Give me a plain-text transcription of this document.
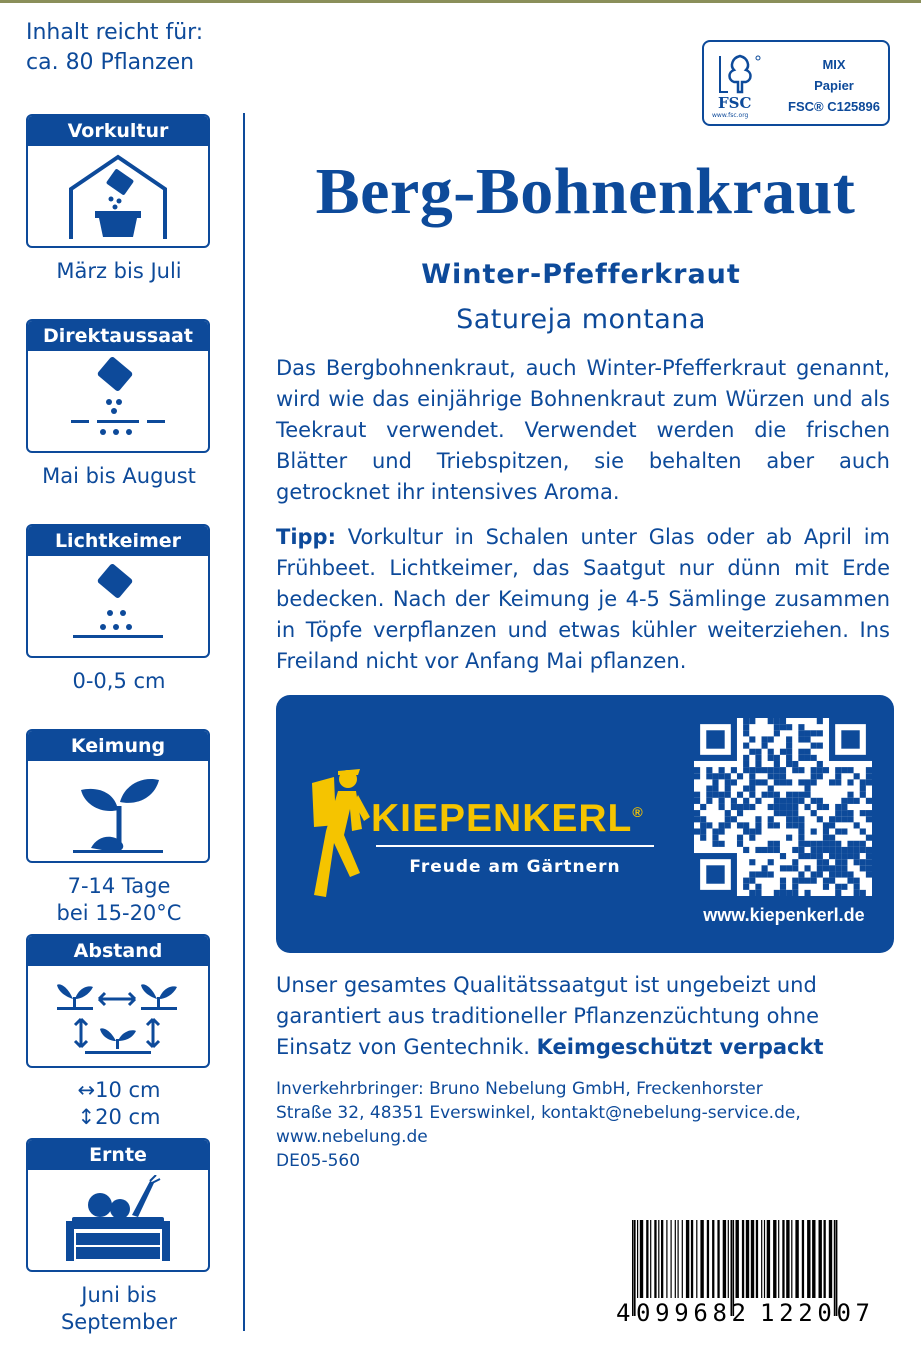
Inhalt reicht für:
ca. 80 Pflanzen
Vorkultur
März bis Juli
Direktaussaat
Mai bis August
Lichtkeimer
0-0,5 cm
Keimung
7-14 Tage
bei 15-20°C
Abstand
↔10 cm
↕20 cm
Ernte
Juni bis
September
FSC
www.fsc.org
MIX
Papier
FSC® C125896
Berg-Bohnenkraut
Winter-Pfefferkraut
Satureja montana

Das Bergbohnenkraut, auch Winter-Pfefferkraut genannt, wird wie das einjährige Bohnenkraut zum Würzen und als Teekraut verwendet. Verwendet werden die frischen Blätter und Triebspitzen, sie behalten aber auch getrocknet ihr intensives Aroma.

Tipp: Vorkultur in Schalen unter Glas oder ab April im Frühbeet. Lichtkeimer, das Saatgut nur dünn mit Erde bedecken. Nach der Keimung je 4-5 Sämlinge zusammen in Töpfe verpflanzen und etwas kühler weiterziehen. Ins Freiland nicht vor Anfang Mai pflanzen.

KIEPENKERL®
Freude am Gärtnern
www.kiepenkerl.de

Unser gesamtes Qualitätssaatgut ist ungebeizt und garantiert aus traditioneller Pflanzenzüchtung ohne Einsatz von Gentechnik. Keimgeschützt verpackt

Inverkehrbringer: Bruno Nebelung GmbH, Freckenhorster
Straße 32, 48351 Everswinkel, kontakt@nebelung-service.de,
www.nebelung.de
DE05-560
4 099682 122007
